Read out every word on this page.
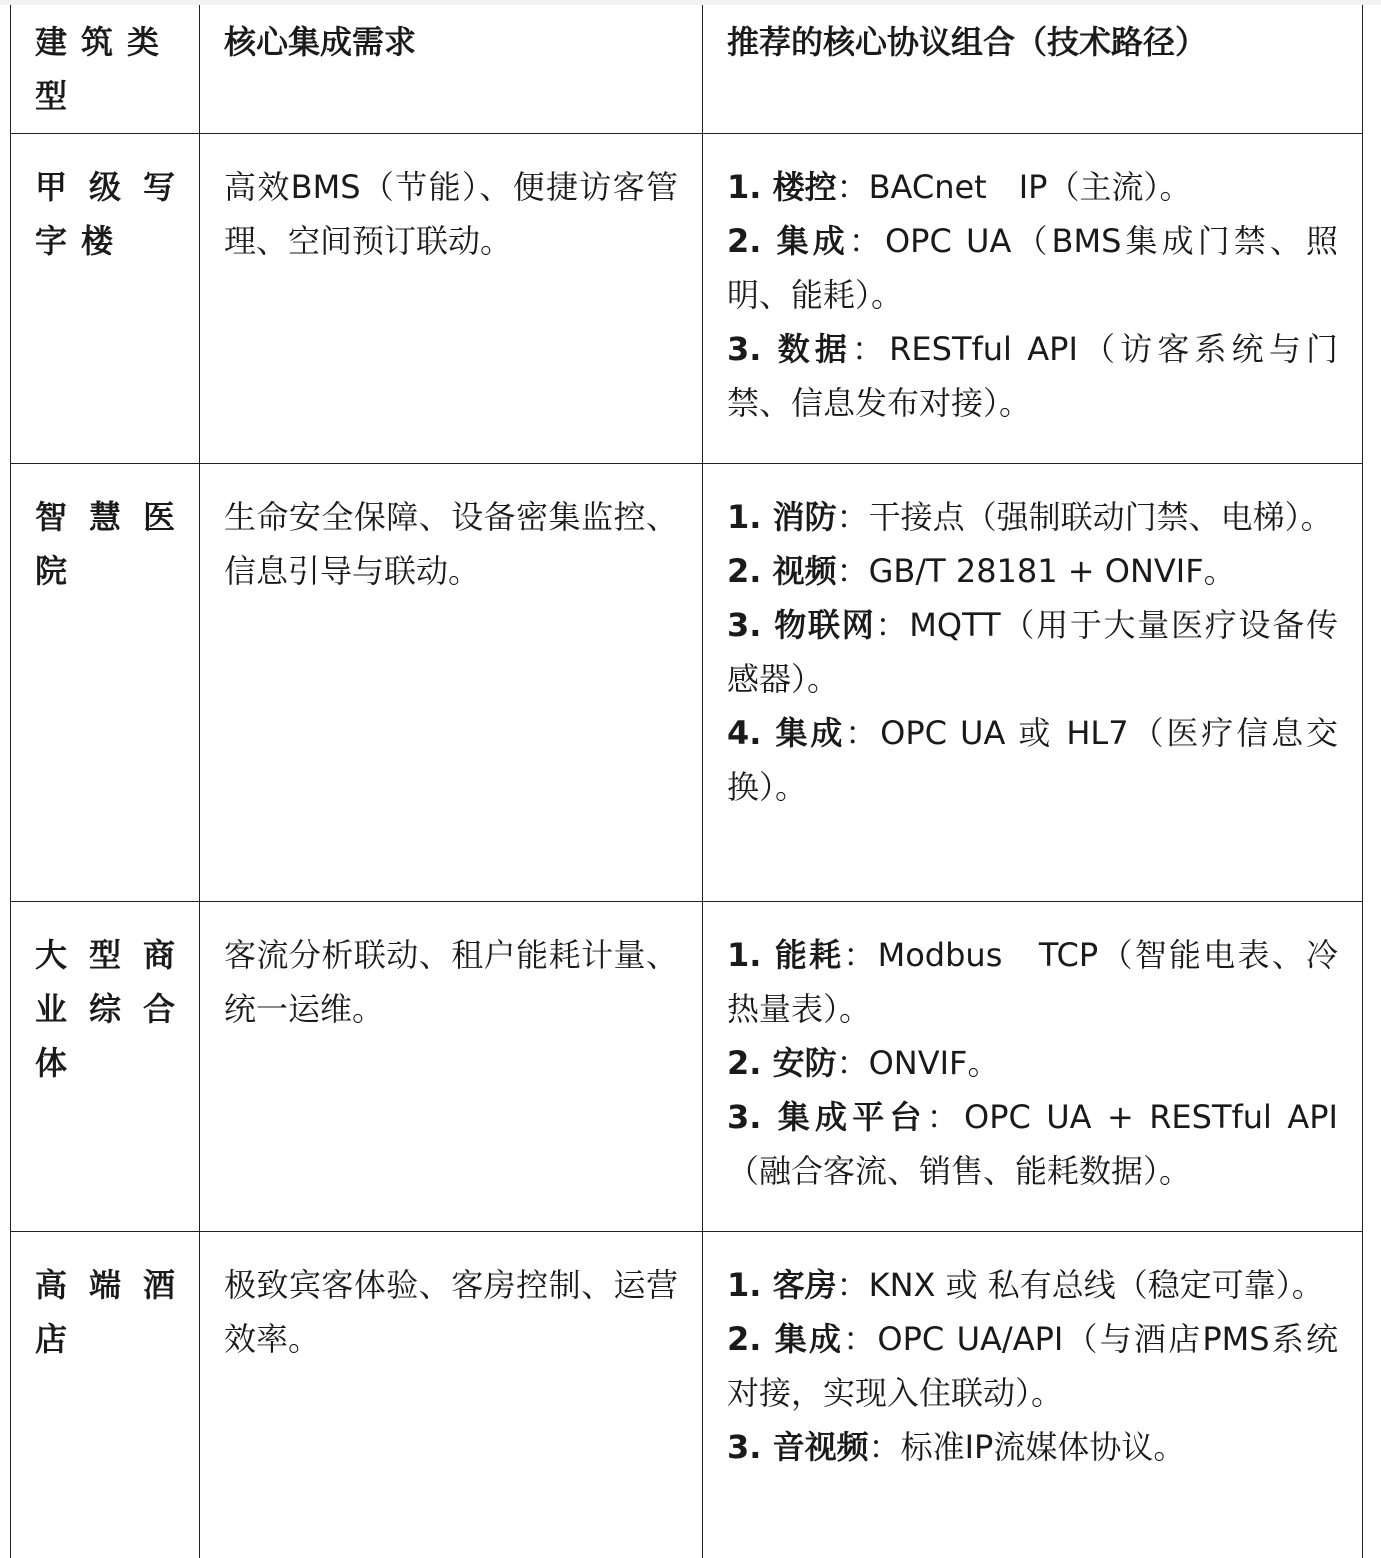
建筑类型	核心集成需求	推荐的核心协议组合（技术路径）
甲级写字楼	高效BMS（节能）、便捷访客管理、空间预订联动。	1. 楼控：BACnet　IP（主流）。
2. 集成：OPC UA（BMS集成门禁、照明、能耗）。
3. 数据：RESTful API（访客系统与门禁、信息发布对接）。

智慧医院	生命安全保障、设备密集监控、信息引导与联动。	1. 消防：干接点（强制联动门禁、电梯）。
2. 视频：GB/T 28181 + ONVIF。
3. 物联网：MQTT（用于大量医疗设备传感器）。
4. 集成：OPC UA 或 HL7（医疗信息交换）。

大型商业综合体	客流分析联动、租户能耗计量、统一运维。	1. 能耗：Modbus　TCP（智能电表、冷热量表）。
2. 安防：ONVIF。
3. 集成平台：OPC UA + RESTful API（融合客流、销售、能耗数据）。

高端酒店	极致宾客体验、客房控制、运营效率。	1. 客房：KNX 或 私有总线（稳定可靠）。
2. 集成：OPC UA/API（与酒店PMS系统对接，实现入住联动）。
3. 音视频：标准IP流媒体协议。
